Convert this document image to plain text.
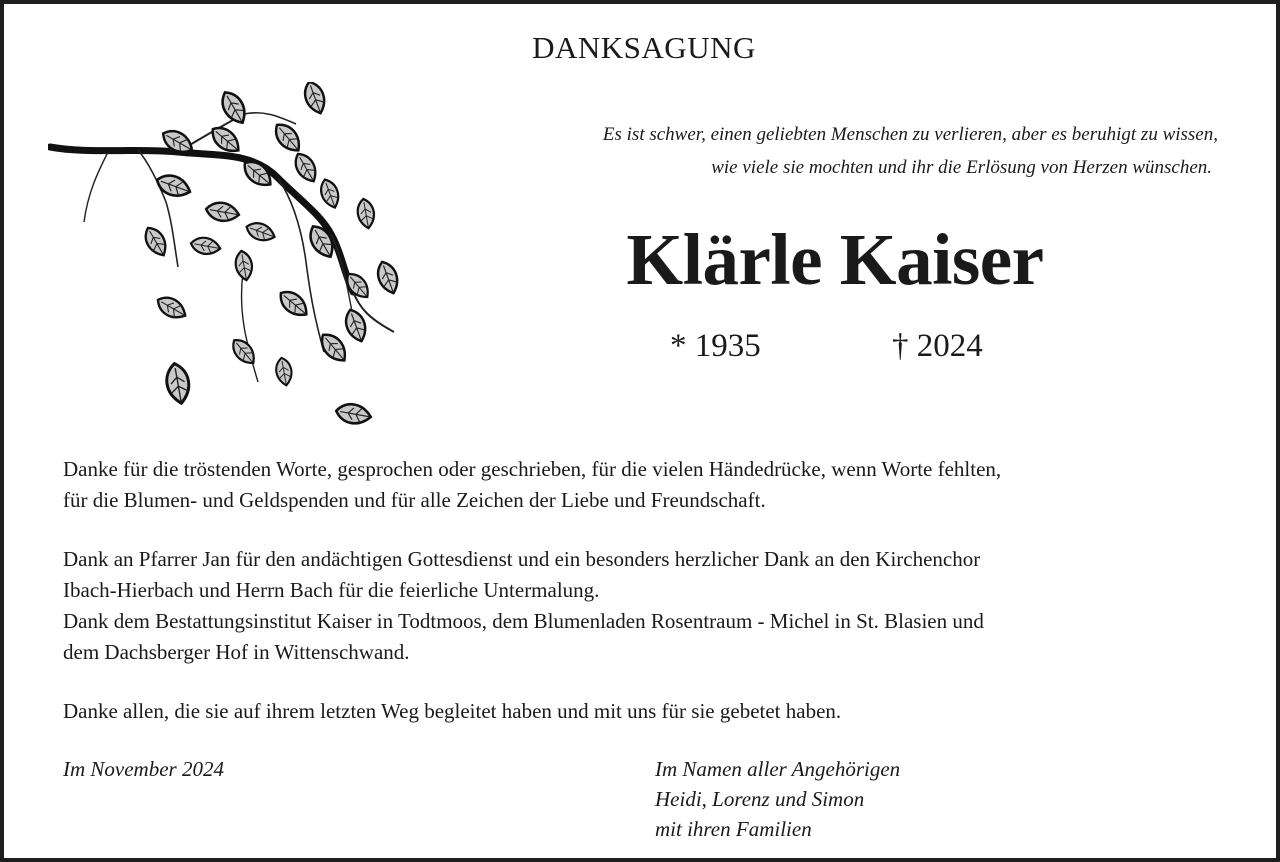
DANKSAGUNG
Es ist schwer, einen geliebten Menschen zu verlieren, aber es beruhigt zu wissen,
wie viele sie mochten und ihr die Erlösung von Herzen wünschen.
Klärle Kaiser
* 1935	† 2024

Danke für die tröstenden Worte, gesprochen oder geschrieben, für die vielen Händedrücke, wenn Worte fehlten,

für die Blumen- und Geldspenden und für alle Zeichen der Liebe und Freundschaft.

Dank an Pfarrer Jan für den andächtigen Gottesdienst und ein besonders herzlicher Dank an den Kirchenchor

Ibach-Hierbach und Herrn Bach für die feierliche Untermalung.

Dank dem Bestattungsinstitut Kaiser in Todtmoos, dem Blumenladen Rosentraum - Michel in St. Blasien und

dem Dachsberger Hof in Wittenschwand.

Danke allen, die sie auf ihrem letzten Weg begleitet haben und mit uns für sie gebetet haben.

Im November 2024	Im Namen aller Angehörigen
Heidi, Lorenz und Simon
mit ihren Familien
